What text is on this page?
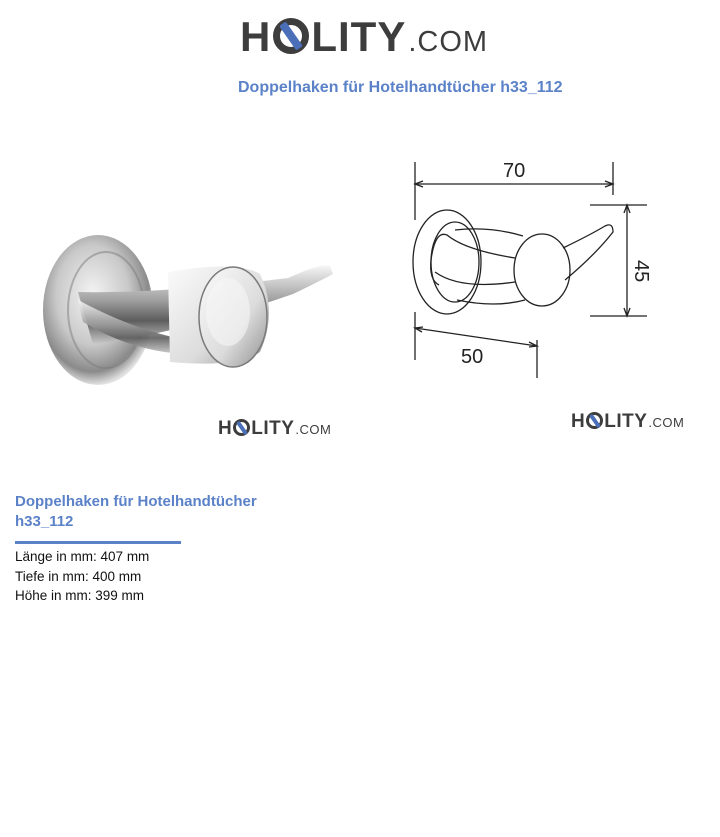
H LITY .COM
Doppelhaken für Hotelhandtücher h33_112
70
45
50
H LITY .COM	H LITY .COM
Doppelhaken für Hotelhandtücher
h33_112
Länge in mm: 407 mm
Tiefe in mm: 400 mm
Höhe in mm: 399 mm
